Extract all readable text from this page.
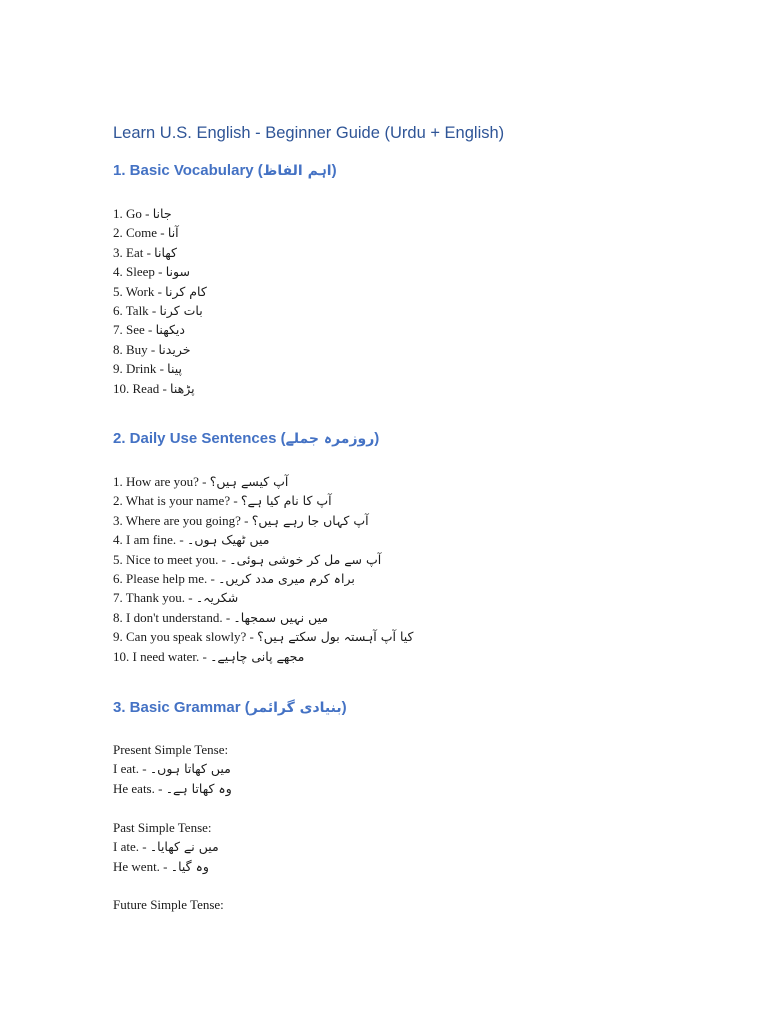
Learn U.S. English - Beginner Guide (Urdu + English)
1. Basic Vocabulary (اہم الفاظ)
1. Go - جانا
2. Come - آنا
3. Eat - کھانا
4. Sleep - سونا
5. Work - کام کرنا
6. Talk - بات کرنا
7. See - دیکھنا
8. Buy - خریدنا
9. Drink - پینا
10. Read - پڑھنا
2. Daily Use Sentences (روزمرہ جملے)
1. How are you? - آپ کیسے ہیں؟
2. What is your name? - آپ کا نام کیا ہے؟
3. Where are you going? - آپ کہاں جا رہے ہیں؟
4. I am fine. - میں ٹھیک ہوں۔
5. Nice to meet you. - آپ سے مل کر خوشی ہوئی۔
6. Please help me. - براہ کرم میری مدد کریں۔
7. Thank you. - شکریہ۔
8. I don't understand. - میں نہیں سمجھا۔
9. Can you speak slowly? - کیا آپ آہستہ بول سکتے ہیں؟
10. I need water. - مجھے پانی چاہیے۔
3. Basic Grammar (بنیادی گرائمر)
Present Simple Tense:
I eat. - میں کھاتا ہوں۔
He eats. - وہ کھاتا ہے۔
Past Simple Tense:
I ate. - میں نے کھایا۔
He went. - وہ گیا۔
Future Simple Tense:
